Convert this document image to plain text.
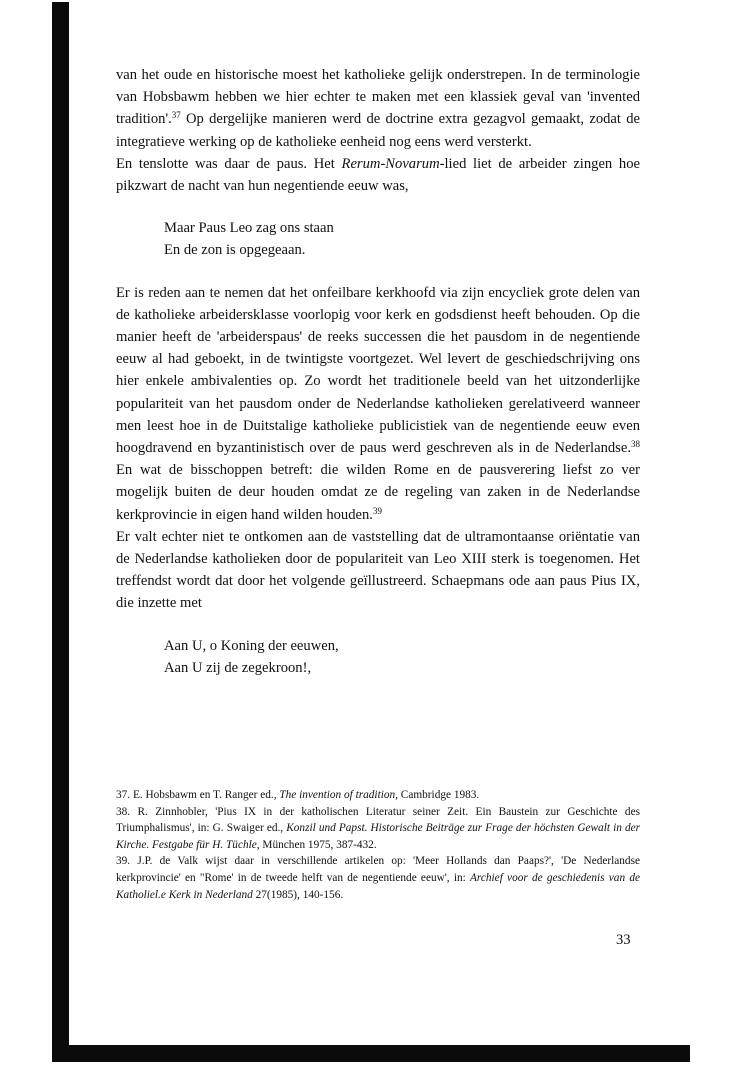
van het oude en historische moest het katholieke gelijk onderstrepen. In de terminologie van Hobsbawm hebben we hier echter te maken met een klassiek geval van 'invented tradition'.$^{37}$ Op dergelijke manieren werd de doctrine extra gezagvol gemaakt, zodat de integratieve werking op de katholieke eenheid nog eens werd versterkt.

En tenslotte was daar de paus. Het Rerum-Novarum-lied liet de arbeider zingen hoe pikzwart de nacht van hun negentiende eeuw was,

Maar Paus Leo zag ons staan
En de zon is opgegeaan.

Er is reden aan te nemen dat het onfeilbare kerkhoofd via zijn encycliek grote delen van de katholieke arbeidersklasse voorlopig voor kerk en godsdienst heeft behouden. Op die manier heeft de 'arbeiderspaus' de reeks successen die het pausdom in de negentiende eeuw al had geboekt, in de twintigste voortgezet. Wel levert de geschiedschrijving ons hier enkele ambivalenties op. Zo wordt het traditionele beeld van het uitzonderlijke populariteit van het pausdom onder de Nederlandse katholieken gerelativeerd wanneer men leest hoe in de Duitstalige katholieke publicistiek van de negentiende eeuw even hoogdravend en byzantinistisch over de paus werd geschreven als in de Nederlandse.$^{38}$ En wat de bisschoppen betreft: die wilden Rome en de pausverering liefst zo ver mogelijk buiten de deur houden omdat ze de regeling van zaken in de Nederlandse kerkprovincie in eigen hand wilden houden.$^{39}$

Er valt echter niet te ontkomen aan de vaststelling dat de ultramontaanse oriëntatie van de Nederlandse katholieken door de populariteit van Leo XIII sterk is toegenomen. Het treffendst wordt dat door het volgende geïllustreerd. Schaepmans ode aan paus Pius IX, die inzette met

Aan U, o Koning der eeuwen,
Aan U zij de zegekroon!,

37. E. Hobsbawm en T. Ranger ed., The invention of tradition, Cambridge 1983.

38. R. Zinnhobler, 'Pius IX in der katholischen Literatur seiner Zeit. Ein Baustein zur Geschichte des Triumphalismus', in: G. Swaiger ed., Konzil und Papst. Historische Beiträge zur Frage der höchsten Gewalt in der Kirche. Festgabe für H. Tüchle, München 1975, 387-432.

39. J.P. de Valk wijst daar in verschillende artikelen op: 'Meer Hollands dan Paaps?', 'De Nederlandse kerkprovincie' en "Rome' in de tweede helft van de negentiende eeuw', in: Archief voor de geschiedenis van de Katholiel.e Kerk in Nederland 27(1985), 140-156.

33
